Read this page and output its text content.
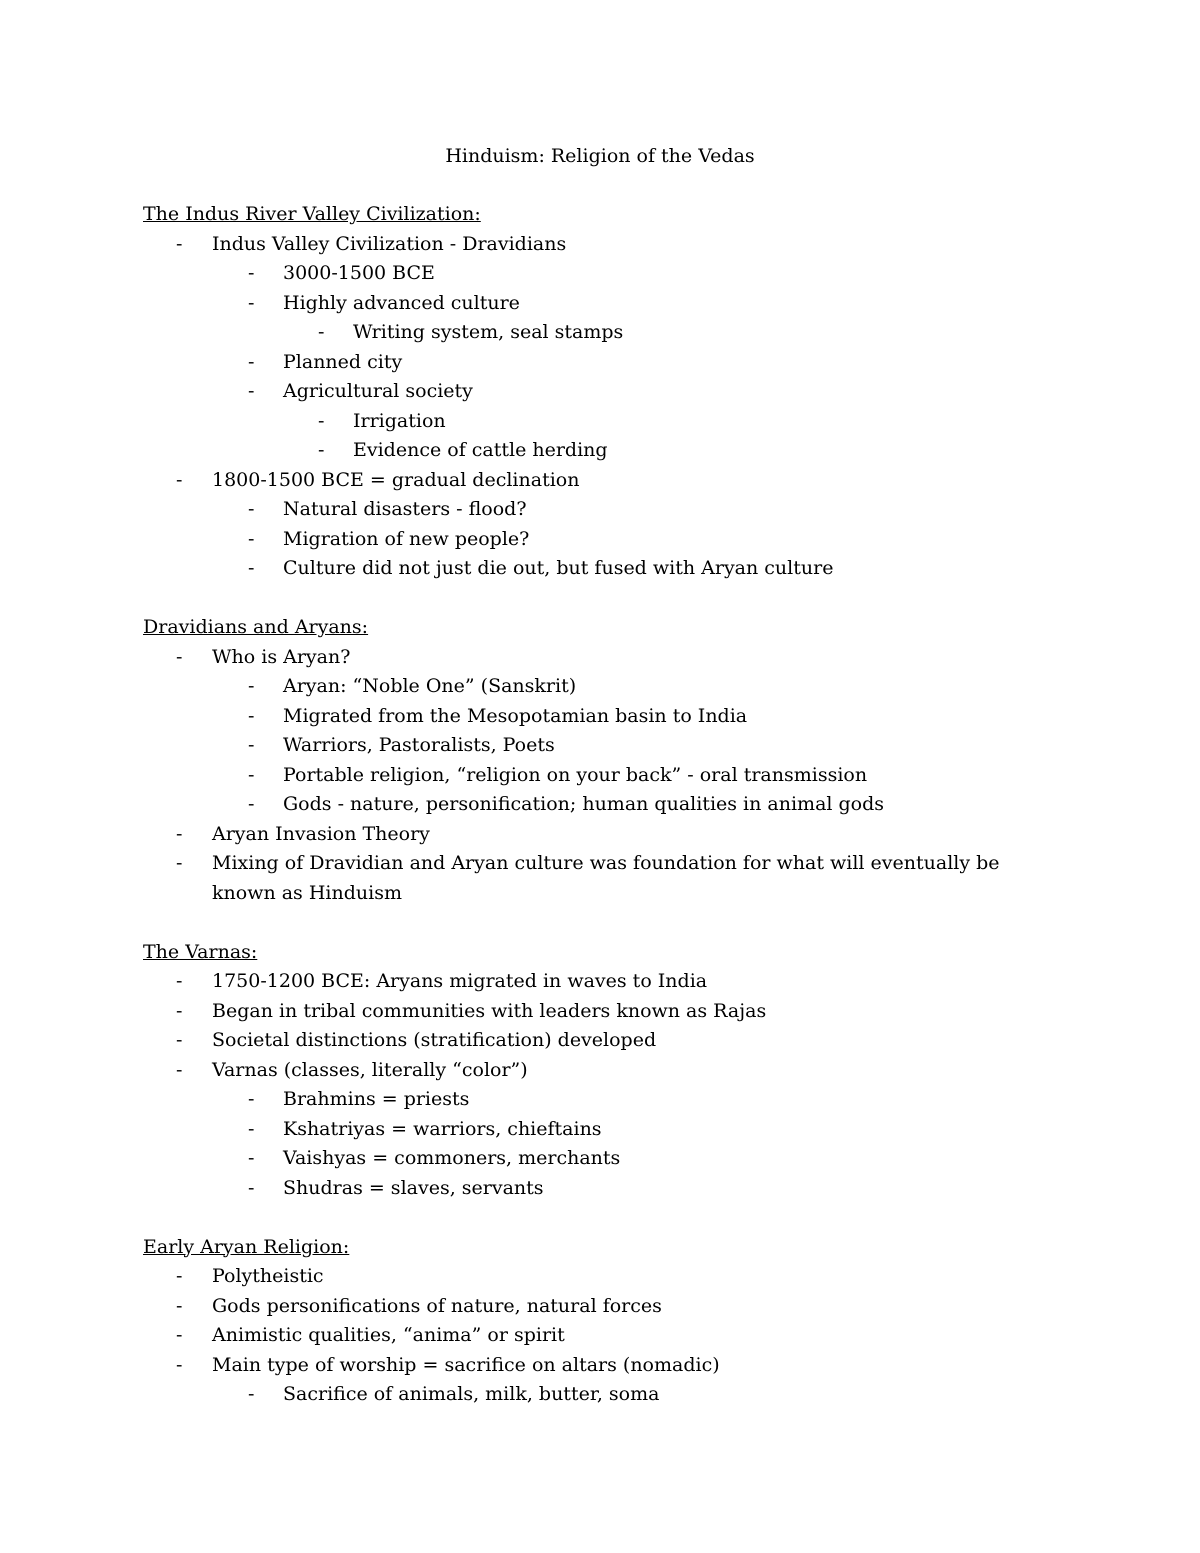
Hinduism: Religion of the Vedas
The Indus River Valley Civilization:
-	Indus Valley Civilization - Dravidians
-	3000-1500 BCE
-	Highly advanced culture
-	Writing system, seal stamps
-	Planned city
-	Agricultural society
-	Irrigation
-	Evidence of cattle herding
-	1800-1500 BCE = gradual declination
-	Natural disasters - flood?
-	Migration of new people?
-	Culture did not just die out, but fused with Aryan culture
Dravidians and Aryans:
-	Who is Aryan?
-	Aryan: “Noble One” (Sanskrit)
-	Migrated from the Mesopotamian basin to India
-	Warriors, Pastoralists, Poets
-	Portable religion, “religion on your back” - oral transmission
-	Gods - nature, personification; human qualities in animal gods
-	Aryan Invasion Theory
-	Mixing of Dravidian and Aryan culture was foundation for what will eventually be known as Hinduism
The Varnas:
-	1750-1200 BCE: Aryans migrated in waves to India
-	Began in tribal communities with leaders known as Rajas
-	Societal distinctions (stratification) developed
-	Varnas (classes, literally “color”)
-	Brahmins = priests
-	Kshatriyas = warriors, chieftains
-	Vaishyas = commoners, merchants
-	Shudras = slaves, servants
Early Aryan Religion:
-	Polytheistic
-	Gods personifications of nature, natural forces
-	Animistic qualities, “anima” or spirit
-	Main type of worship = sacrifice on altars (nomadic)
-	Sacrifice of animals, milk, butter, soma
